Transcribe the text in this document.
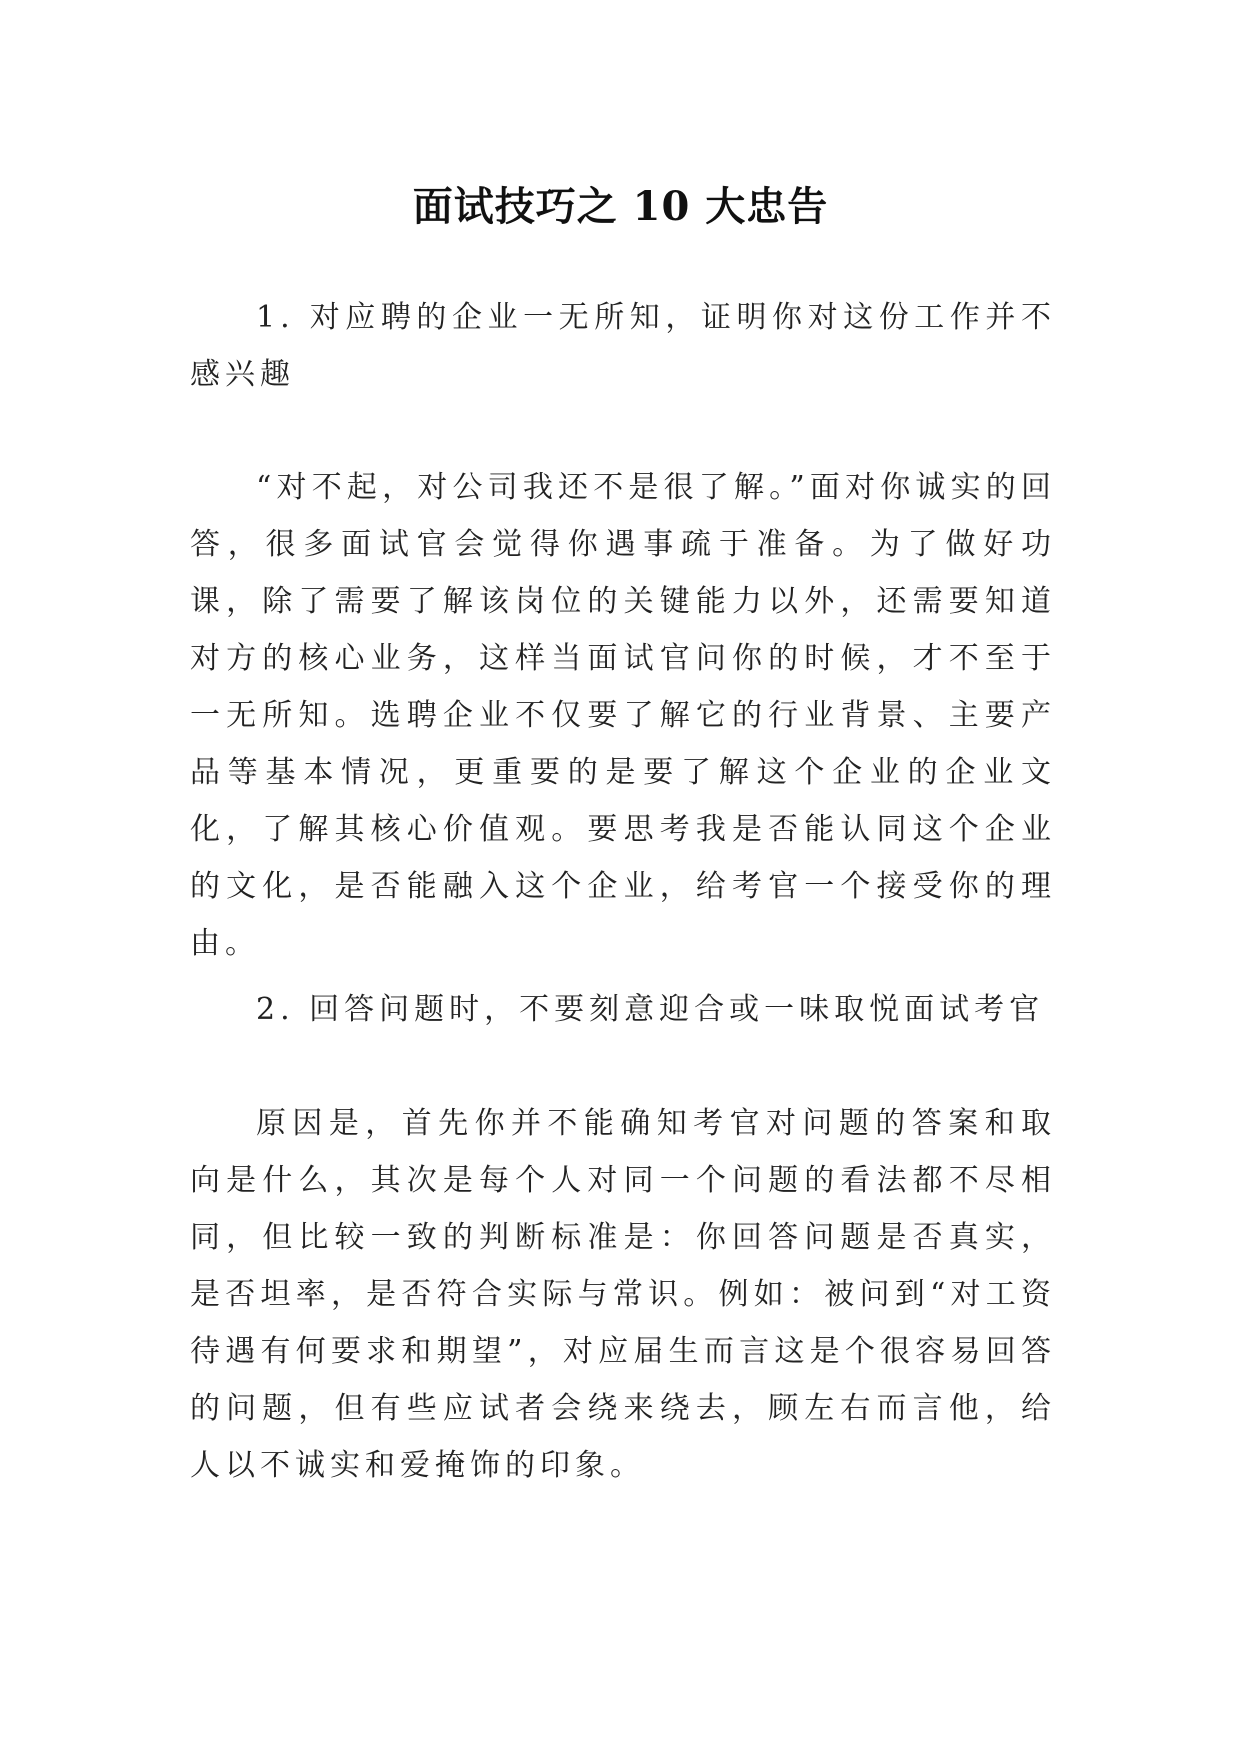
面试技巧之 10 大忠告

1. 对应聘的企业一无所知，证明你对这份工作并不感兴趣

“对不起，对公司我还不是很了解。”面对你诚实的回答，很多面试官会觉得你遇事疏于准备。为了做好功课，除了需要了解该岗位的关键能力以外，还需要知道对方的核心业务，这样当面试官问你的时候，才不至于一无所知。选聘企业不仅要了解它的行业背景、主要产品等基本情况，更重要的是要了解这个企业的企业文化，了解其核心价值观。要思考我是否能认同这个企业的文化，是否能融入这个企业，给考官一个接受你的理由。

2. 回答问题时，不要刻意迎合或一味取悦面试考官

原因是，首先你并不能确知考官对问题的答案和取向是什么，其次是每个人对同一个问题的看法都不尽相同，但比较一致的判断标准是：你回答问题是否真实，是否坦率，是否符合实际与常识。例如：被问到“对工资待遇有何要求和期望”，对应届生而言这是个很容易回答的问题，但有些应试者会绕来绕去，顾左右而言他，给人以不诚实和爱掩饰的印象。
